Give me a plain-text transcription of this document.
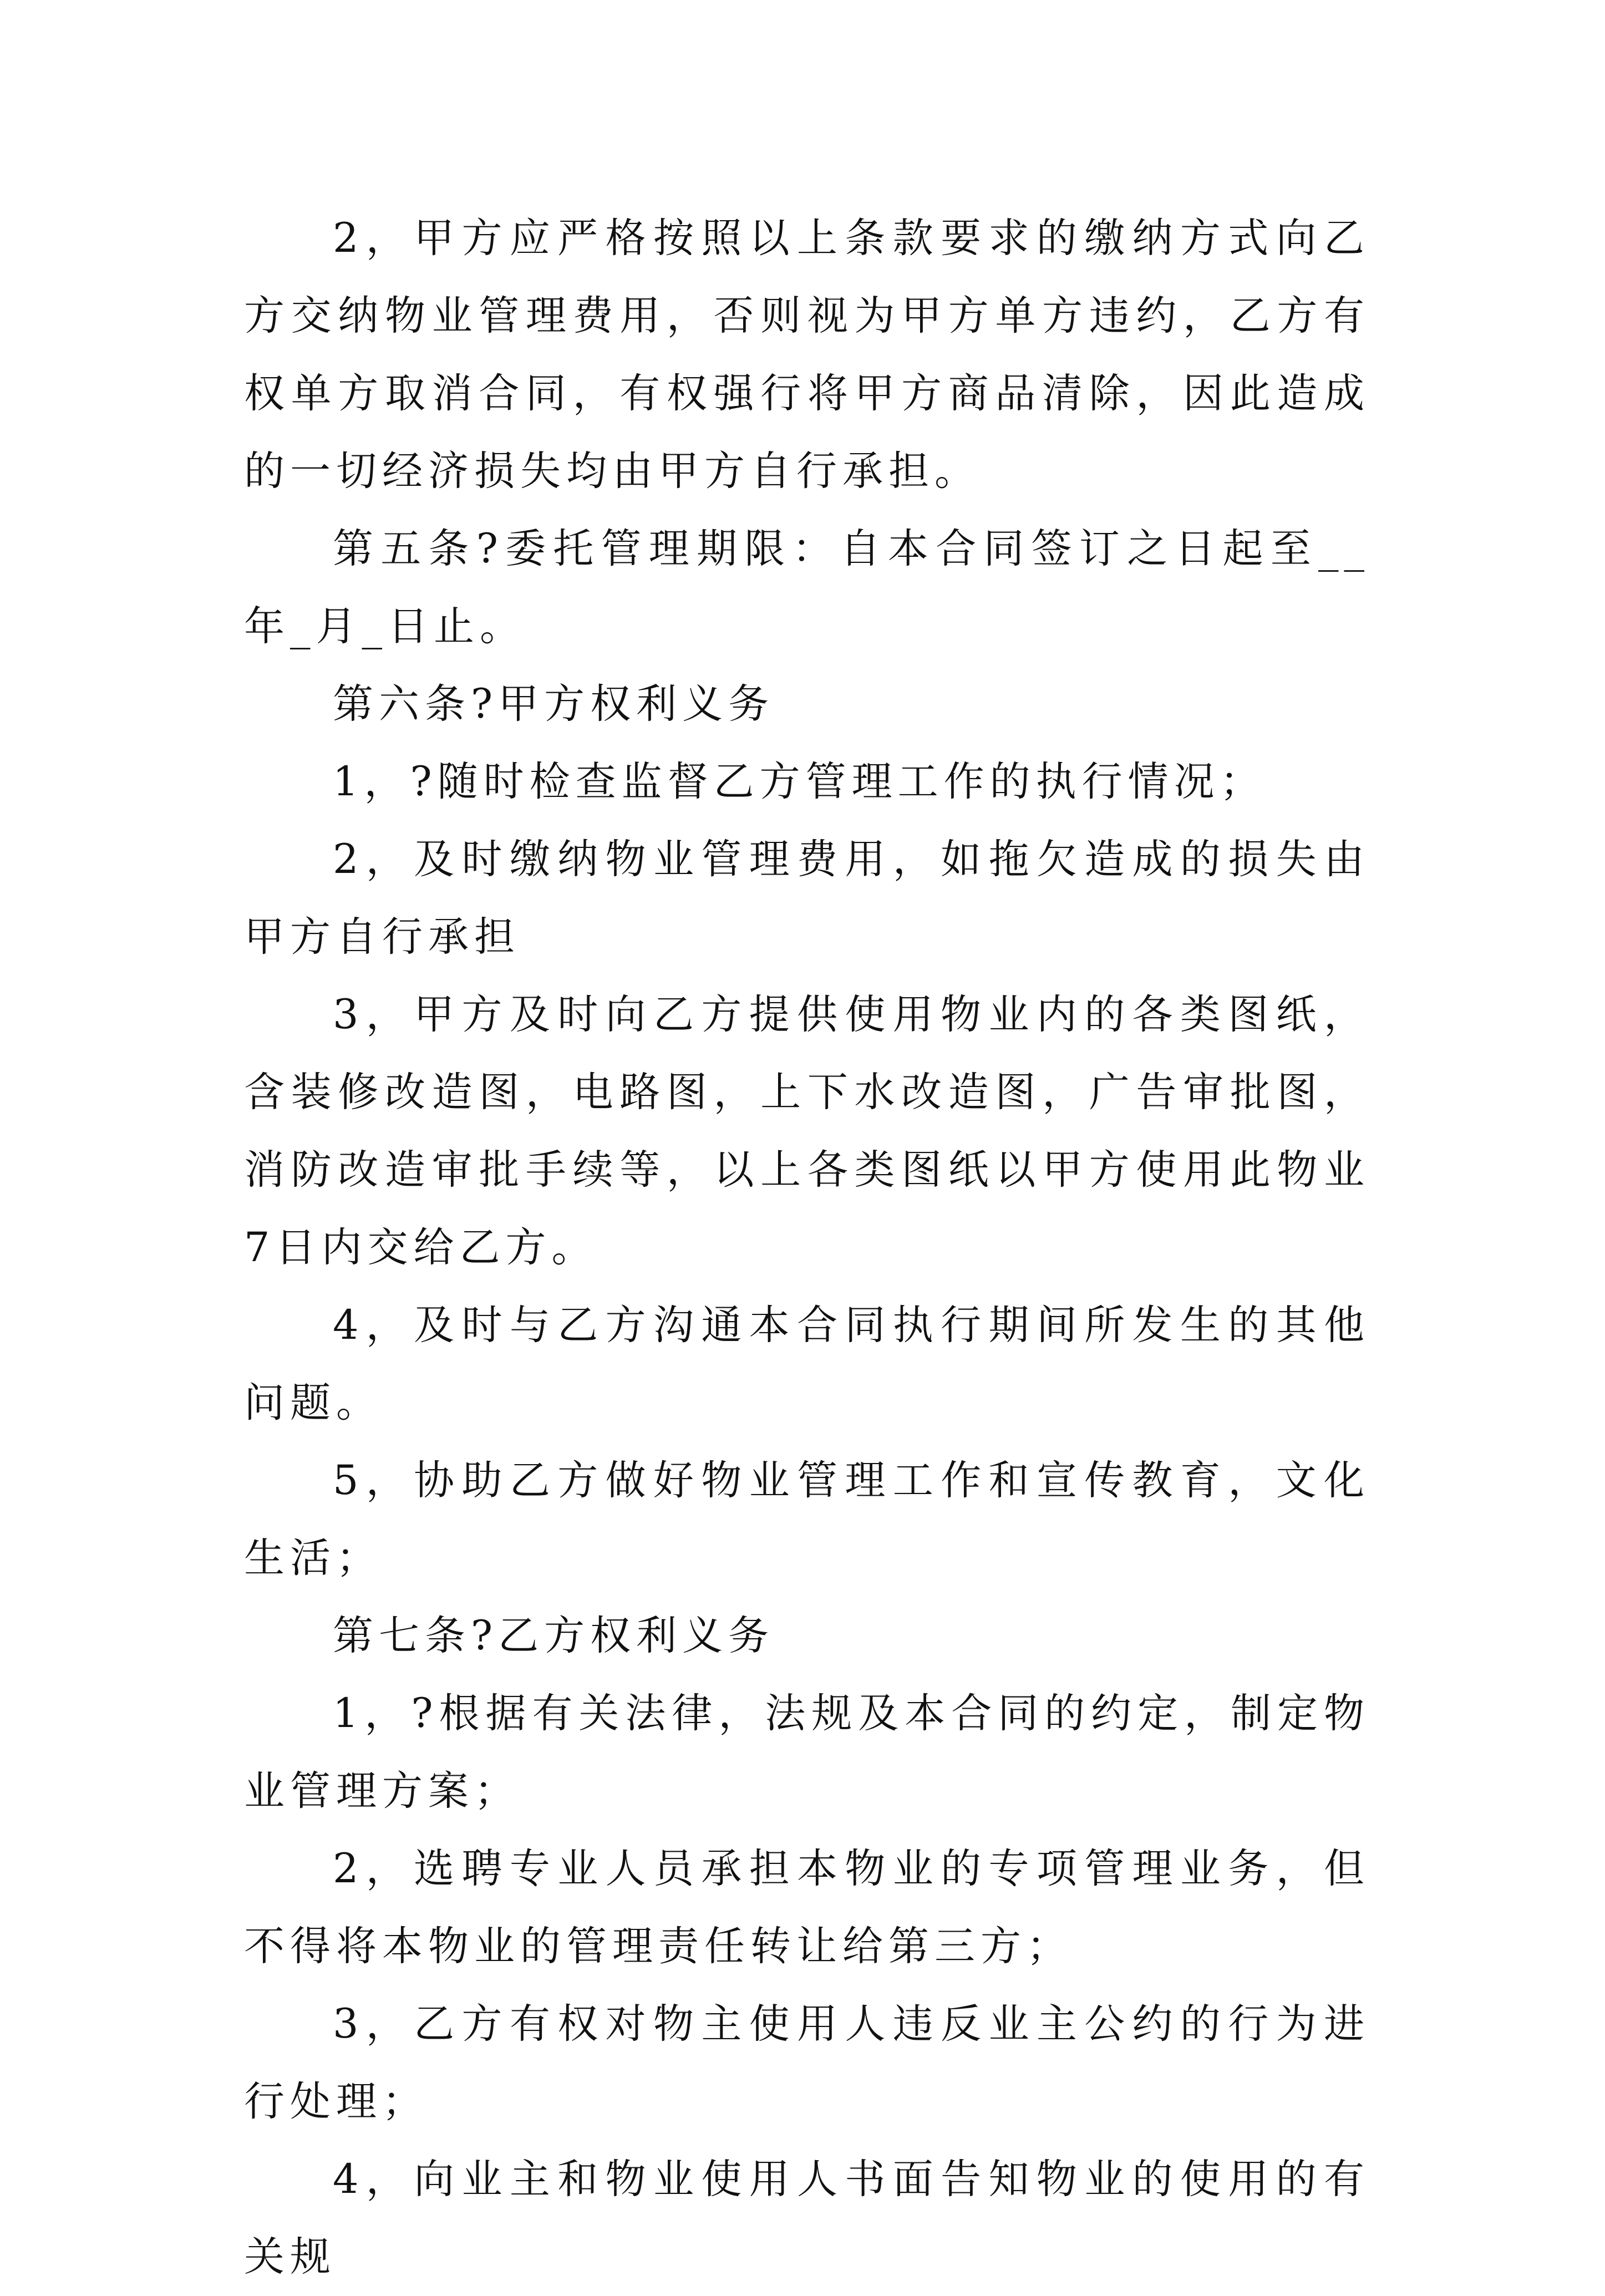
2，甲方应严格按照以上条款要求的缴纳方式向乙方交纳物业管理费用，否则视为甲方单方违约，乙方有权单方取消合同，有权强行将甲方商品清除，因此造成的一切经济损失均由甲方自行承担。

第五条?委托管理期限：自本合同签订之日起至__年_月_日止。

第六条?甲方权利义务

1，?随时检查监督乙方管理工作的执行情况；

2，及时缴纳物业管理费用，如拖欠造成的损失由甲方自行承担

3，甲方及时向乙方提供使用物业内的各类图纸，含装修改造图，电路图，上下水改造图，广告审批图，消防改造审批手续等，以上各类图纸以甲方使用此物业7日内交给乙方。

4，及时与乙方沟通本合同执行期间所发生的其他问题。

5，协助乙方做好物业管理工作和宣传教育，文化生活；

第七条?乙方权利义务

1，?根据有关法律，法规及本合同的约定，制定物业管理方案；

2，选聘专业人员承担本物业的专项管理业务，但不得将本物业的管理责任转让给第三方；

3，乙方有权对物主使用人违反业主公约的行为进行处理；

4，向业主和物业使用人书面告知物业的使用的有关规
